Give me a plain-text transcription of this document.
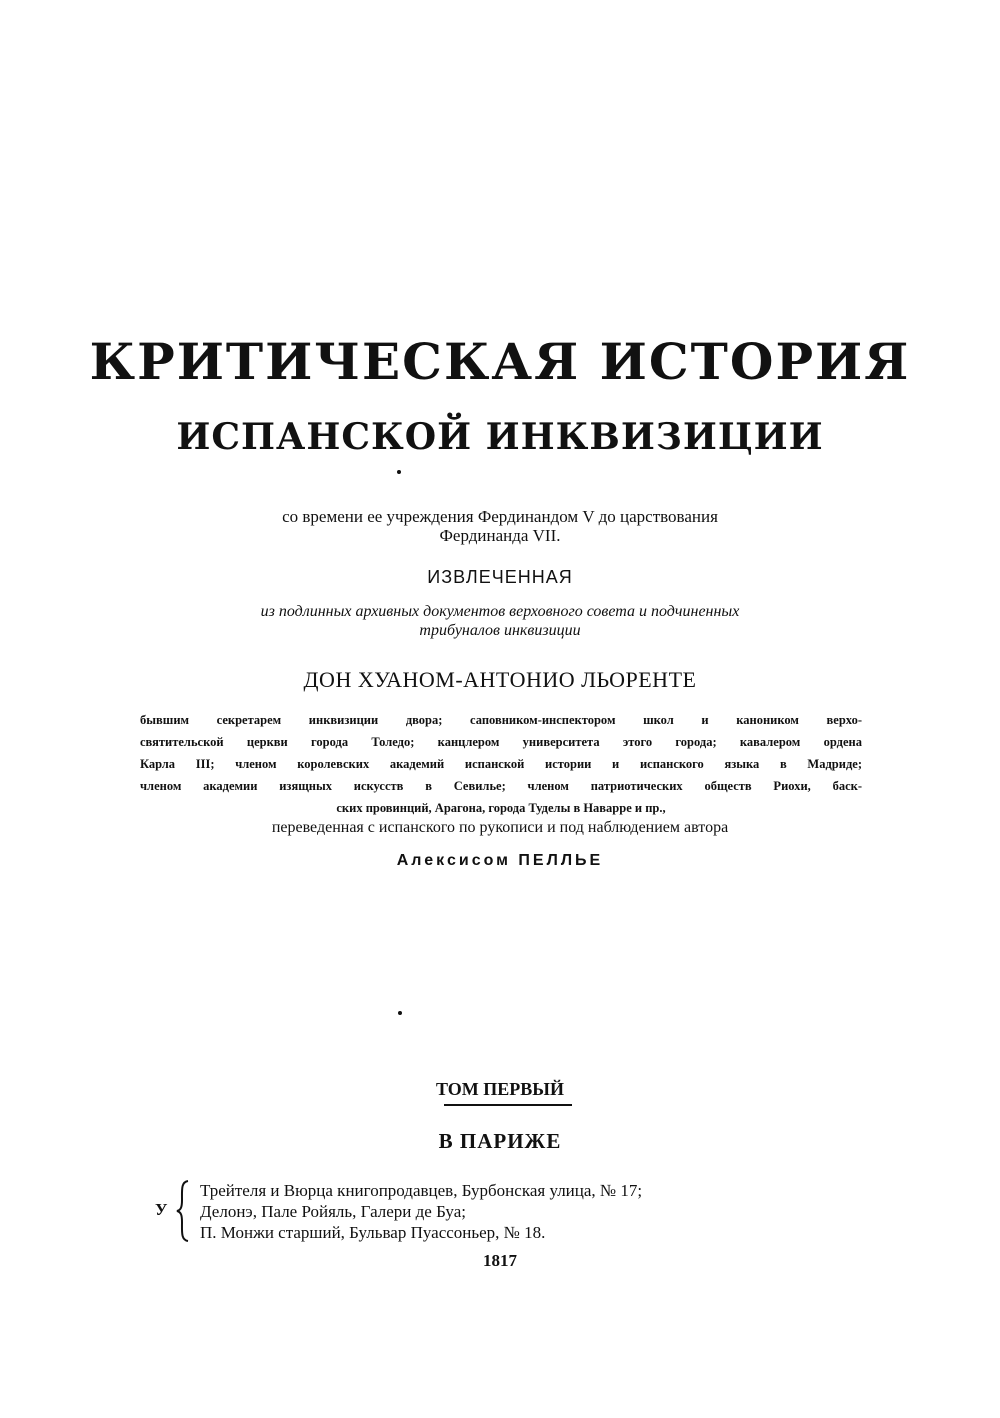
КРИТИЧЕСКАЯ ИСТОРИЯ
ИСПАНСКОЙ ИНКВИЗИЦИИ
со времени ее учреждения Фердинандом V до царствования
Фердинанда VII.
ИЗВЛЕЧЕННАЯ
из подлинных архивных документов верховного совета и подчиненных
трибуналов инквизиции
ДОН ХУАНОМ-АНТОНИО ЛЬОРЕНТЕ
бывшим секретарем инквизиции двора; саповником-инспектором школ и каноником верхо-
святительской церкви города Толедо; канцлером университета этого города; кавалером ордена
Карла III; членом королевских академий испанской истории и испанского языка в Мадриде;
членом академии изящных искусств в Севилье; членом патриотических обществ Риохи, баск-
ских провинций, Арагона, города Туделы в Наварре и пр.,
переведенная с испанского по рукописи и под наблюдением автора
Алексисом ПЕЛЛЬЕ
ТОМ ПЕРВЫЙ
В ПАРИЖЕ
У
Трейтеля и Вюрца книгопродавцев, Бурбонская улица, № 17;
Делонэ, Пале Ройяль, Галери де Буа;
П. Монжи старший, Бульвар Пуассоньер, № 18.
1817
